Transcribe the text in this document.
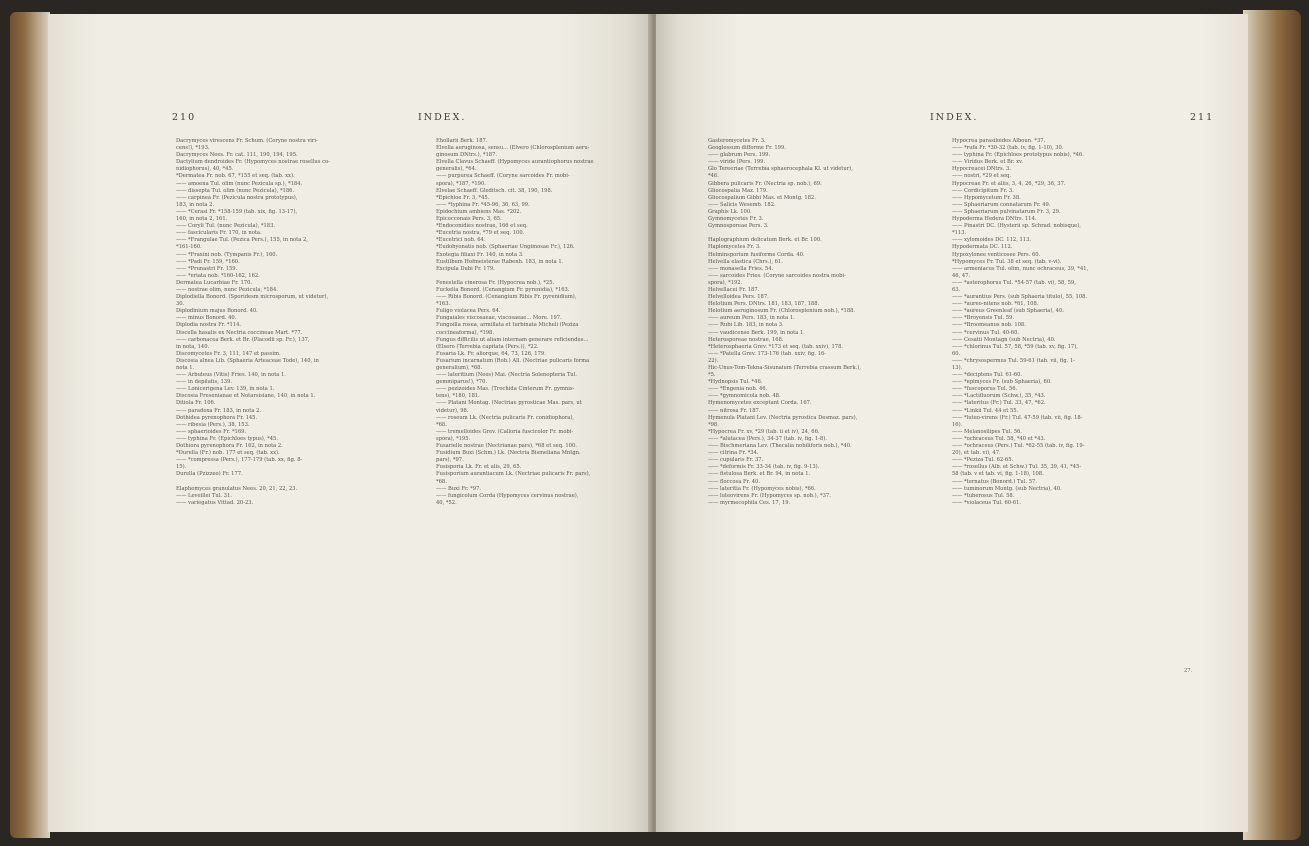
210	INDEX.
Dacrymyces virescens Fr. Schum. (Corynе nostra viri-
cens!), *193.
Dacrymyces Nees. Fr. cat. 111, 190, 194, 195.
Dactylium dendroides Fr. (Hypomyces nostrae rosellus co-
nidiophorus), 40, *45.
*Dermatea Fr. nob. 67, *155 et seq. (tab. xx).
—— amoena Tul. olim (nunc Pezicula sp.), *184.
—— dissepta Tul. olim (nunc Pezicula), *186.
—— carpinea Fr. (Pezicula nostra prototypus),
183, in nota 2.
—— *Cerasi Fr. *158-159 (tab. xix, fig. 13-17),
160, in nota 2, 161.
—— Coryli Tul. (nunc Pezicula), *183.
—— fascicularis Fr. 170, in nota.
—— *Frangulae Tul. (Pezica Pers.), 155, in nota 2,
*161-160.
—— *Fraxini nob. (Tympanis Fr.), 160.
—— *Padi Fr. 159, *160.
—— *Prunastri Fr. 159.
—— *eriata nob. *160-162, 162.
Dermatea Lucarbiae Fr. 170.
—— nostrae olim, nunc Pezicula, *184.
Diplodiella Bonord. (Sporidesm microsporum, ut videtur),
30.
Diplodinium majus Bonord. 40.
—— minus Bonord. 40.
Diplodia nostra Fr. *114.
Discella hasalis ex Nectria coccineae Mart. *77.
—— carbonacea Berk. et Br. (Placodii sp. Fr.), 137,
in nota, 140.
Discomycetes Fr. 3, 111, 147 et passim.
Discosia alnea Lib. (Sphaeria Arteaceae Tode), 140, in
nota 1.
—— Arbuteus (Vitis) Fries. 140, in nota 1.
—— in depilatis, 139.
—— Lonicerigena Lev. 139, in nota 1.
Discosia Fresenianae et Notarsisiane, 140, in nota 1.
Ditiola Fr. 106.
—— paradoxa Fr. 183, in nota 2.
Dothidea pyrenophora Fr. 145.
—— ribesia (Pers.), 38, 153.
—— sphaerioides Fr. *169.
—— typhina Fr. (Epichloes typus), *45.
Dothiora pyrenophora Fr. 162, in nota 2.
*Durella (Fr.) nob. 177 et seq. (tab. xx).
—— *compressa (Pers.), 177-179 (tab. xx, fig. 8-
15).
Durella (Pzizzeo) Fr. 177.
Elaphomyces granulatus Nees. 20, 21, 22, 23.
—— Leveillei Tul. 31.
—— variegatus Vittad. 20-23.
Ehollarii Berk. 187.
Elvella aeruginosa, sensu... (Elvero (Chlorosplenium aeru-
ginosum DNtrs.), *187.
Elvella Clavus Schaeff. (Hypomyces aurantiophorus nostrae
generalis), *64.
—— purpurea Schaeff. (Corynе sarcoides Fr. mobi-
spora), *187, *190.
Elvelae Schaeff. Gleditsch. cit. 38, 190, 198.
*Epichloe Fr. 3, *45.
—— *typhina Fr. *45-96, 36, 63, 99.
Epidochium ambiens Mas. *202.
Epicocconais Pers. 3, 65.
*Endoconidies nostrae, 166 et seq.
*Eucetria nostra, *79 et seq. 100.
*Eucetrici nob. 64.
*Eudobyonatis nob. (Sphaeriae Ungimosae Fr.), 126.
Exotegia filiaxi Fr. 140, in nota 3.
Eustilbum Hofmeisterae Rabenh. 183, in nota 1.
Excipula Dubi Fr. 179.
Fenestella cinerosa Fr. (Hypocrea nob.), *25.
Fuckelia Bonord. (Cenangium Fr. pyrenidia), *163.
—— Ribis Bonord. (Cenangium Ribis Fr. pyrenidium),
*163.
Fuligo violacea Pers. 64.
Fungaiales viscosaeae, viscosaeae... More. 197.
Fungoilla rosea, armillata et turbinata Micheli (Peziza
coccineaforma), *198.
Fungus difficilis ut aliam internam generare reficiendus...
(Elsero (Terrebia capitata (Pers.)), *22.
Fusaria Lk. Fr. aliorque, 64, 73, 126, 179.
Fusarium incarnatum (Rob.) All. (Nectriae pulicaris forma
generalium), *68.
—— lateritium (Nees) Mai. (Nectria Solenopteria Tul.
gemmiparus!), *70.
—— pezizoides Mas. (Trochida Cinterum Fr. gymnis-
tens), *180, 181.
—— Platani Montag. (Nectriae pyrosticae Mas. pars, ut
videtur), 98.
—— roseum Lk. (Nectria pulicaris Fr. conidiophora),
*68.
—— tremelloides Grev. (Calloria fuscicolor Fr. mobi-
spora), *195.
Fusarielle nostrae (Nectrianae pars), *68 et seq. 100.
Fusidium Buxi (Schm.) Lk. (Nectria Bismeliana Mntgn.
pars), *97.
Fusisporia Lk. Fr. et alis, 29, 65.
Fusisporium aurantiacum Lk. (Nectriae pulicaris Fr. pars),
*68.
—— Buxi Fr. *97.
—— fungicolum Corda (Hypomyces cervinus nostrae),
40, *52.
INDEX.	211
Gasteromycetes Fr. 3.
Geoglossum difforme Fr. 199.
—— glabrum Pers. 199.
—— viride (Pers. 199.
Glo Tereeriae (Terrebia sphaerocephala Kl. ut videtur),
*46.
Gibbera pulicaris Fr. (Nectria sp. nob.), 69.
Gliocospalia Maz. 179.
Gliocospalium Gibbi Mas. et Montg. 182.
—— Salicis Wesemb. 182.
Graphis Lk. 100.
Gymnomycetes Fr. 3.
Gymnosporeae Pers. 3.
Haplographium delicatum Berk. et Br. 100.
Haplomycetes Fr. 3.
Helminsporium fusiforme Corda. 40.
Helvella elastica (Chrs.), 61.
—— monasella Fries. 54.
—— sarcoides Fries. (Corynе sarcoides nostra mobi-
spora), *192.
Helvellacei Fr. 187.
Helvelloidea Pers. 187.
Helotium Pers. DNtrs. 181, 183, 187, 188.
Helotium aeruginosum Fr. (Chlorosplenium nob.), *188.
—— aureum Pers. 183, in nota 1.
—— Rubi Lib. 183, in nota 3.
—— vaudicense Berk. 199, in nota 1.
Heterosporeae nostrae, 168.
*Heterosphaeria Grev. *173 et seq. (tab. xxiv), 178.
—— *Patella Grev. 173-176 (tab. xxiv, fig. 16-
22).
Hic-Unus-Tom-Tekna-Sisunaium (Terrebia crassum Berk.),
*5.
*Hydnopsis Tul. *46.
—— *Engenia nob. 46.
—— *gymnomicola nob. 48.
Hymenomycetes exceptant Corda. 167.
—— nitrosa Fr. 187.
Hymenula Platani Lev. (Nectria pyrostica Desmaz. pars),
*98.
*Hypocrea Fr. xv, *29 (tab. ii et iv), 24, 66.
—— *alutacea (Pers.), 34-37 (tab. iv, fig. 1-8).
—— Bischmeriana Lev. (Thecalia nobiliforis nob.), *40.
—— citrina Fr. *34.
—— cupularis Fr. 37.
—— *deformis Fr. 33-34 (tab. iv, fig. 9-13).
—— fistulosa Berk. et Br. 94, in nota 1.
—— floccosa Fr. 40.
—— lateritia Fr. (Hypomyces nobis), *66.
—— luteovirens Fr. (Hypomyces sp. nob.), *37.
—— myrmecophila Ces. 17, 19.
Hypocrea parasiloides Alboun. *37.
—— *rufa Fr. *30-32 (tab. iv, fig. 1-10), 30.
—— typhina Fr. (Epichloes prototypus nobis), *46.
—— Viridus Berk. et Br. xv.
Hypocreacei DNtrs. 3.
—— nostri, *29 et seq.
Hypocreae Fr. et aliis, 3, 4, 26, *29, 36, 37.
—— Cordicipitum Fr. 3.
—— Hypomycetum Fr. 38.
—— Sphaeriarum connatarum Fr. 49.
—— Sphaeriarum pulvinatarum Fr. 3, 29.
Hypoderma Hedera DNtrs. 114.
—— Pinastri DC. (Hysterii sp. Schrad. nobisque),
*113.
—— xylomoides DC. 112, 113.
Hypodermata DC. 112.
Hypoxylonee venticosee Pers. 60.
*Hypomyces Fr. Tul. 38 et seq. (tab. v-vi).
—— armeniacus Tul. olim, nunc ochraceus, 39, *41,
46, 47.
—— *asterophorus Tul. *54-57 (tab. vi), 58, 59,
63.
—— *aurantius Pers. (sub Sphaeria titulo), 55, 108.
—— *aureo-nitens nob. *61, 108.
—— *aureus Greenleaf (sub Sphaeria), 40.
—— *Broyensis Tul. 59.
—— *Broomeanus nob. 108.
—— *cervinus Tul. 40-60.
—— Cesatii Montagn (sub Nectria), 40.
—— *chlorinus Tul. 57, 58, *59 (tab. xv, fig. 17),
60.
—— *chrysospermus Tul. 59-61 (tab. vii, fig. 1-
13).
—— *deciptens Tul. 61-60.
—— *epimyces Fr. (sub Sphaeria), 60.
—— *fuscoporus Tul. 56.
—— *Lactifluorum (Schw.), 35, *43.
—— *lateritus (Fr.) Tul. 33, 47, *62.
—— *Linkii Tul. 44 et 55.
—— *luteo-virens (Fr.) Tul. 47-59 (tab. vii, fig. 18-
16).
—— Melanosilipes Tul. 56.
—— *ochraceus Tul. 58, *40 et *43.
—— *ochraceus (Pers.) Tul. *62-55 (tab. iv, fig. 19-
20), et tab. vi), 47.
—— *Peziza Tul. 62-65.
—— *rosellus (Alb. et Schw.) Tul. 35, 39, 41, *45-
58 (tab. v et tab. vi, fig. 1-18), 108.
—— *ternatus (Bonord.) Tul. 57.
—— tuminorum Montg. (sub Nectria), 40.
—— *tuberosus Tul. 58.
—— *violaceus Tul. 60-61.
27.
